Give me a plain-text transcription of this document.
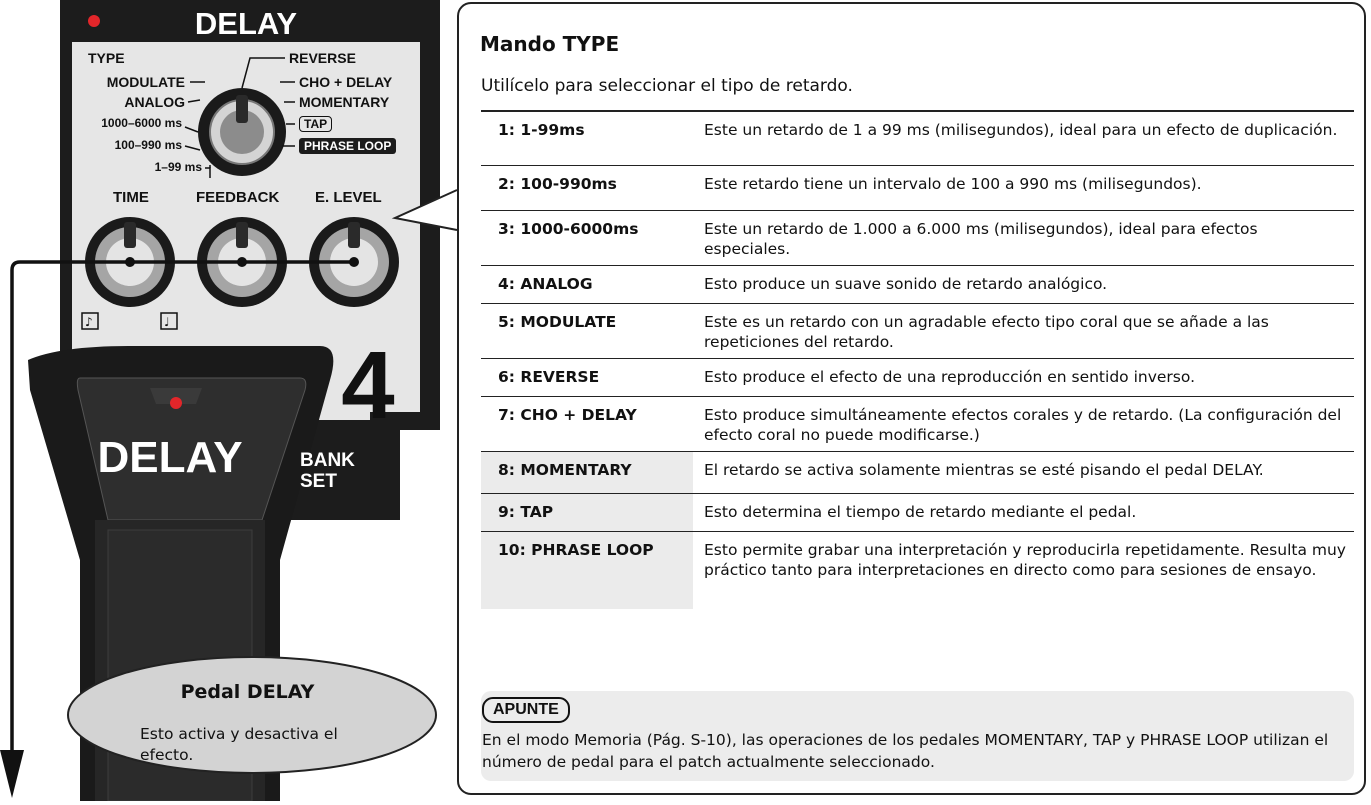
♪	♩
DELAY
4
BANK
SET
DELAY
TYPE
MODULATE
ANALOG
1000–6000 ms
100–990 ms
1–99 ms
REVERSE
CHO + DELAY
MOMENTARY
TAP
PHRASE LOOP
TIME	FEEDBACK E. LEVEL
Pedal DELAY
Esto activa y desactiva el efecto.
Mando TYPE
Utilícelo para seleccionar el tipo de retardo.
1: 1-99ms	Este un retardo de 1 a 99 ms (milisegundos), ideal para un efecto de duplicación.
2: 100-990ms	Este retardo tiene un intervalo de 100 a 990 ms (milisegundos).
3: 1000-6000ms	Este un retardo de 1.000 a 6.000 ms (milisegundos), ideal para efectos especiales.
4: ANALOG	Esto produce un suave sonido de retardo analógico.
5: MODULATE	Este es un retardo con un agradable efecto tipo coral que se añade a las repeticiones del retardo.
6: REVERSE	Esto produce el efecto de una reproducción en sentido inverso.
7: CHO + DELAY	Esto produce simultáneamente efectos corales y de retardo. (La configuración del efecto coral no puede modificarse.)
8: MOMENTARY	El retardo se activa solamente mientras se esté pisando el pedal DELAY.
9: TAP	Esto determina el tiempo de retardo mediante el pedal.
10: PHRASE LOOP	Esto permite grabar una interpretación y reproducirla repetidamente. Resulta muy práctico tanto para interpretaciones en directo como para sesiones de ensayo.
APUNTE
En el modo Memoria (Pág. S-10), las operaciones de los pedales MOMENTARY, TAP y PHRASE LOOP utilizan el número de pedal para el patch actualmente seleccionado.
